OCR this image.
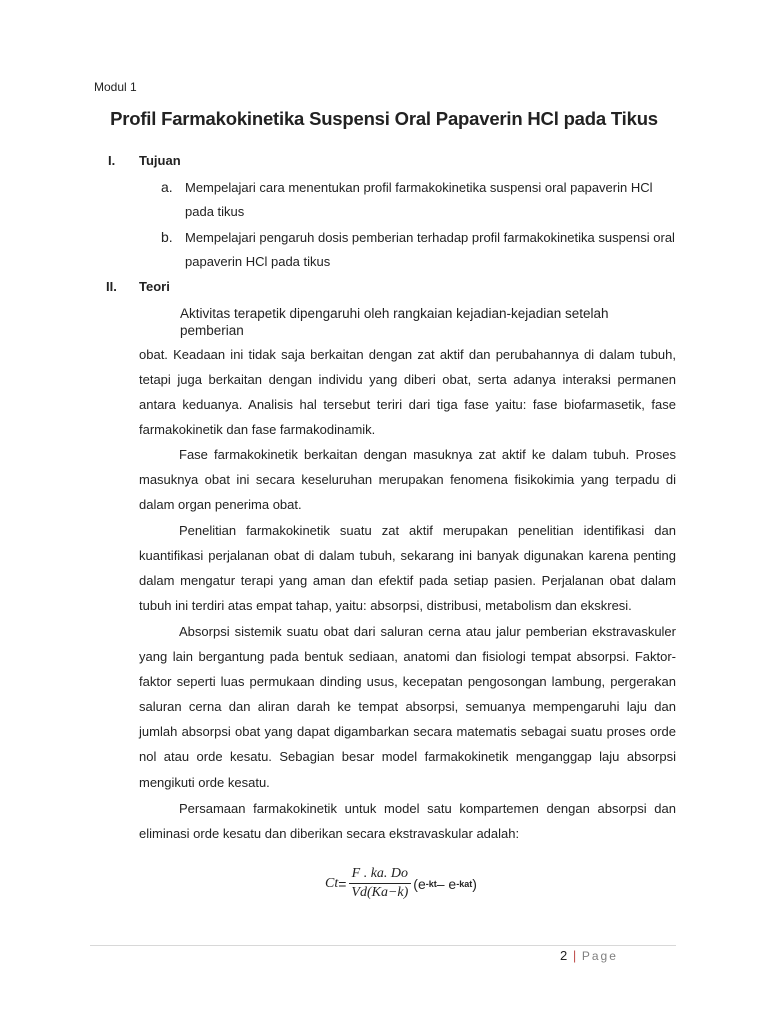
Modul 1
Profil Farmakokinetika Suspensi Oral Papaverin HCl pada Tikus
I. Tujuan
a. Mempelajari cara menentukan profil farmakokinetika suspensi oral papaverin HCl pada tikus
b. Mempelajari pengaruh dosis pemberian terhadap profil farmakokinetika suspensi oral papaverin HCl pada tikus
II. Teori
Aktivitas terapetik dipengaruhi oleh rangkaian kejadian-kejadian setelah pemberian
obat. Keadaan ini tidak saja berkaitan dengan zat aktif dan perubahannya di dalam tubuh, tetapi juga berkaitan dengan individu yang diberi obat, serta adanya interaksi permanen antara keduanya. Analisis hal tersebut teriri dari tiga fase yaitu: fase biofarmasetik, fase farmakokinetik dan fase farmakodinamik.
Fase farmakokinetik berkaitan dengan masuknya zat aktif ke dalam tubuh. Proses masuknya obat ini secara keseluruhan merupakan fenomena fisikokimia yang terpadu di dalam organ penerima obat.
Penelitian farmakokinetik suatu zat aktif merupakan penelitian identifikasi dan kuantifikasi perjalanan obat di dalam tubuh, sekarang ini banyak digunakan karena penting dalam mengatur terapi yang aman dan efektif pada setiap pasien. Perjalanan obat dalam tubuh ini terdiri atas empat tahap, yaitu: absorpsi, distribusi, metabolism dan ekskresi.
Absorpsi sistemik suatu obat dari saluran cerna atau jalur pemberian ekstravaskuler yang lain bergantung pada bentuk sediaan, anatomi dan fisiologi tempat absorpsi. Faktor-faktor seperti luas permukaan dinding usus, kecepatan pengosongan lambung, pergerakan saluran cerna dan aliran darah ke tempat absorpsi, semuanya mempengaruhi laju dan jumlah absorpsi obat yang dapat digambarkan secara matematis sebagai suatu proses orde nol atau orde kesatu. Sebagian besar model farmakokinetik menganggap laju absorpsi mengikuti orde kesatu.
Persamaan farmakokinetik untuk model satu kompartemen dengan absorpsi dan eliminasi orde kesatu dan diberikan secara ekstravaskular adalah:
$Ct = \frac{F . ka. Do}{Vd(Ka-k)} (e$ -kt – e -kat )
2 | Page
